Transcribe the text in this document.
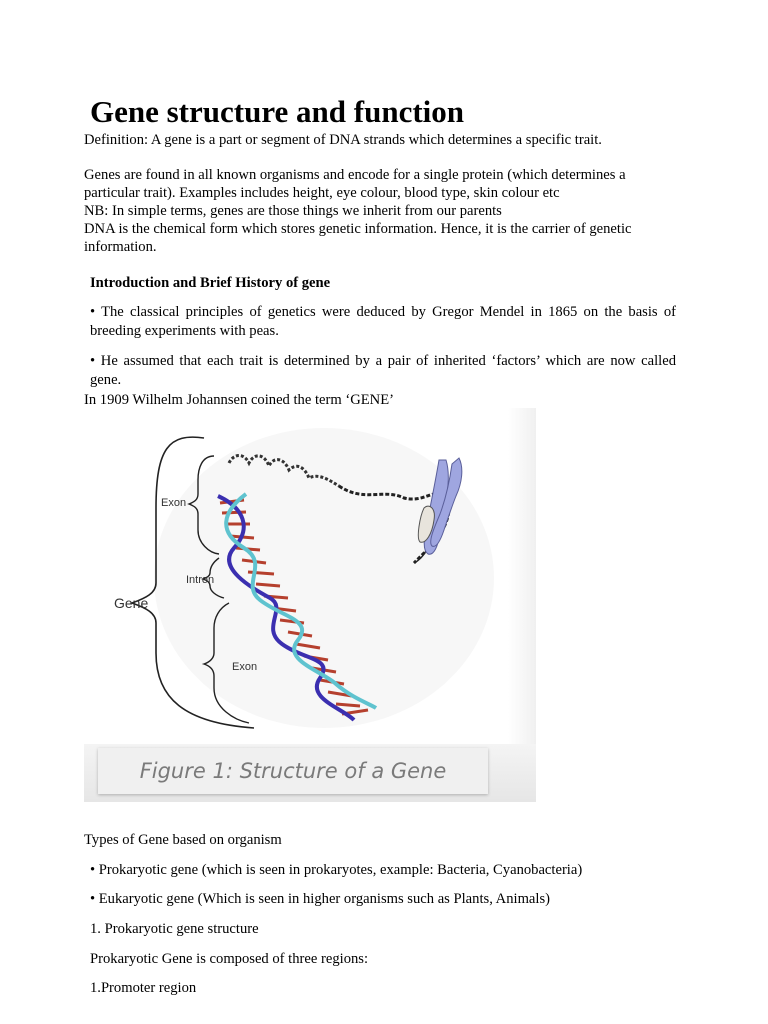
Gene structure and function
Definition: A gene is a part or segment of DNA strands which determines a specific trait.
Genes are found in all known organisms and encode for a single protein (which determines a
particular trait). Examples includes height, eye colour, blood type, skin colour etc
NB: In simple terms, genes are those things we inherit from our parents
DNA is the chemical form which stores genetic information. Hence, it is the carrier of genetic
information.
Introduction and Brief History of gene
• The classical principles of genetics were deduced by Gregor Mendel in 1865 on the basis of breeding experiments with peas.
• He assumed that each trait is determined by a pair of inherited ‘factors’ which are now called gene.
In 1909 Wilhelm Johannsen coined the term ‘GENE’
Exon
Intron
Gene
Exon
Figure 1: Structure of a Gene
Types of Gene based on organism
• Prokaryotic gene (which is seen in prokaryotes, example: Bacteria, Cyanobacteria)
• Eukaryotic gene (Which is seen in higher organisms such as Plants, Animals)
1. Prokaryotic gene structure
Prokaryotic Gene is composed of three regions:
1.Promoter region
